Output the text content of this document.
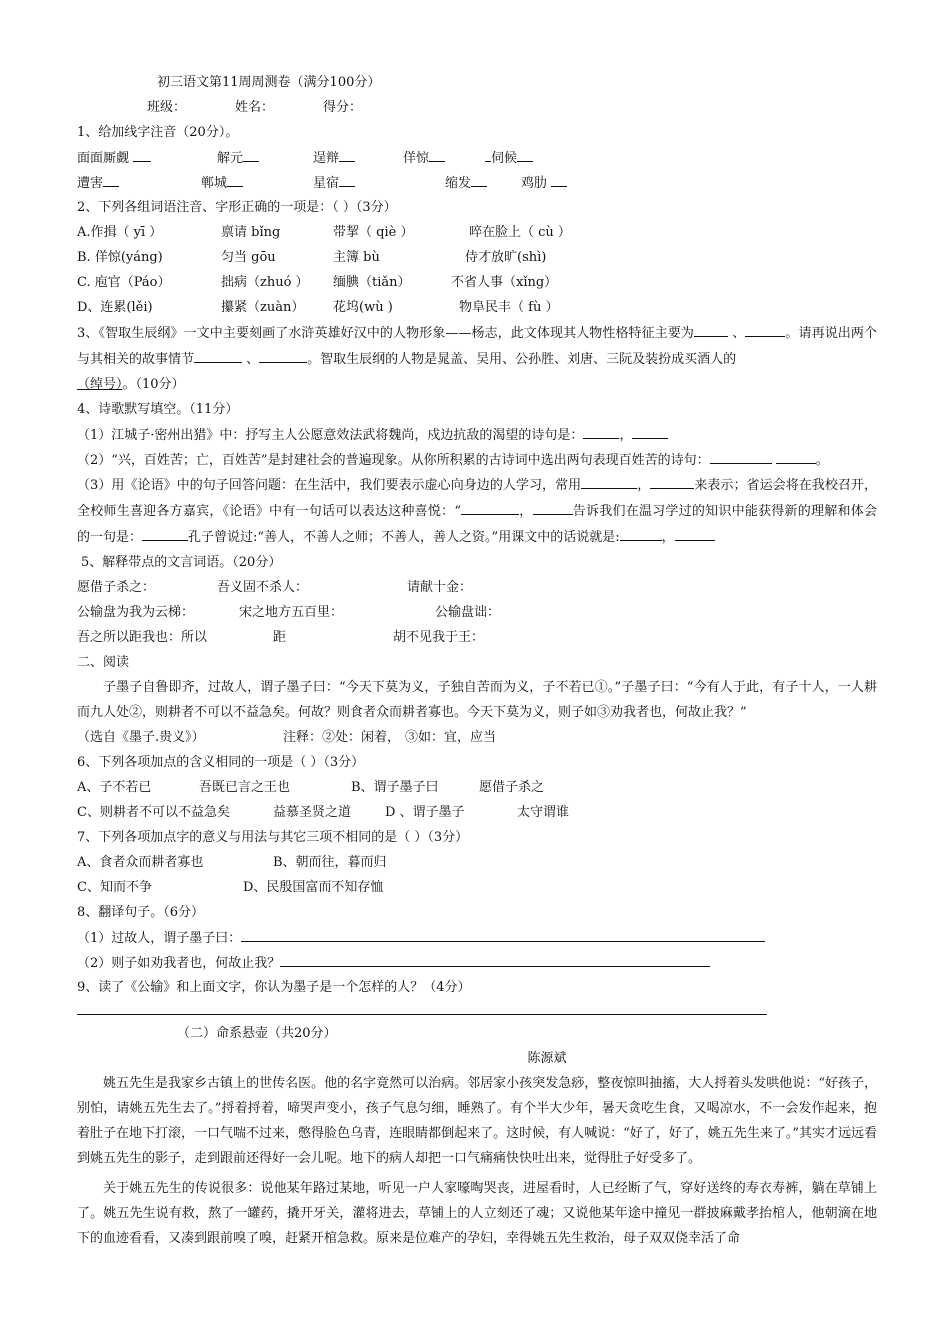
初三语文第11周周测卷（满分100分）
班级：	姓名：	得分：
1、给加线字注音（20分）。
面面厮觑	解元	逞辩	佯惊	伺候
遭害	郸城	星宿	缩发	鸡肋
2、下列各组词语注音、字形正确的一项是：（ ）（3分）
A.作揖（ yī ）	禀请 bǐng	带挈（ qiè ）	啐在脸上（ cù ）
B. 佯惊(yáng)	匀当 gōu	主簿 bù	侍才放旷(shì)
C. 庖官（Páo）	拙病（zhuó ） 缅腆（tiǎn）	不省人事（xǐng）
D、连累(lěi)	攥紧（zuàn） 花坞(wù )	物阜民丰（ fù ）
3、《智取生辰纲》一文中主要刻画了水浒英雄好汉中的人物形象——杨志，此文体现其人物性格特征主要为	、	。请再说出两个与其相关的故事情节	、	。智取生辰纲的人物是晁盖、吴用、公孙胜、刘唐、三阮及装扮成买酒人的
（绰号）。（10分）
4、诗歌默写填空。（11分）
（1）江城子·密州出猎》中：抒写主人公愿意效法武将魏尚，戍边抗敌的渴望的诗句是：	，
（2）“兴，百姓苦；亡，百姓苦”是封建社会的普遍现象。从你所积累的古诗词中选出两句表现百姓苦的诗句：	。
（3）用《论语》中的句子回答问题：在生活中，我们要表示虚心向身边的人学习，常用	，	来表示；省运会将在我校召开，全校师生喜迎各方嘉宾，《论语》中有一句话可以表达这种喜悦：“	，	告诉我们在温习学过的知识中能获得新的理解和体会的一句是：	孔子曾说过:“善人，不善人之师；不善人，善人之资。”用课文中的话说就是:	，
5、解释带点的文言词语。（20分）
愿借子杀之：	吾义固不杀人：	请献十金：
公输盘为我为云梯：	宋之地方五百里：	公输盘诎：
吾之所以距我也：所以	距	胡不见我于王：
二、阅读
子墨子自鲁即齐，过故人，谓子墨子曰：“今天下莫为义，子独自苦而为义，子不若已①。”子墨子曰：“今有人于此，有子十人，一人耕而九人处②，则耕者不可以不益急矣。何故？则食者众而耕者寡也。今天下莫为义，则子如③劝我者也，何故止我？”
（选自《墨子.贵义》）	注释：②处：闲着， ③如：宜，应当
6、下列各项加点的含义相同的一项是（ ）（3分）
A、子不若已	吾既已言之王也	B、谓子墨子曰	愿借子杀之
C、则耕者不可以不益急矣	益慕圣贤之道	D 、谓子墨子	太守谓谁
7、下列各项加点字的意义与用法与其它三项不相同的是（ ）（3分）
A、食者众而耕者寡也	B、朝而往，暮而归
C、知而不争	D、民殷国富而不知存恤
8、翻译句子。（6分）
（1）过故人，谓子墨子曰：
（2）则子如劝我者也，何故止我？
9、读了《公输》和上面文字，你认为墨子是一个怎样的人？（4分）
（二）命系悬壶（共20分）
陈源斌
姚五先生是我家乡古镇上的世传名医。他的名字竟然可以治病。邻居家小孩突发急痧，整夜惊叫抽搐，大人捋着头发哄他说：“好孩子，别怕，请姚五先生去了。”捋着捋着，啼哭声变小，孩子气息匀细，睡熟了。有个半大少年，暑天贪吃生食，又喝凉水，不一会发作起来，抱着肚子在地下打滚，一口气喘不过来，憋得脸色乌青，连眼睛都倒起来了。这时候，有人喊说：“好了，好了，姚五先生来了。”其实才远远看到姚五先生的影子，走到跟前还得好一会儿呢。地下的病人却把一口气痛痛快快吐出来，觉得肚子好受多了。
关于姚五先生的传说很多：说他某年路过某地，听见一户人家嚎啕哭丧，进屋看时，人已经断了气，穿好送终的寿衣寿裤，躺在草铺上了。姚五先生说有救，熬了一罐药，撬开牙关，灌将进去，草铺上的人立刻还了魂；又说他某年途中撞见一群披麻戴孝抬棺人，他朝滴在地下的血迹看看，又凑到跟前嗅了嗅，赶紧开棺急救。原来是位难产的孕妇，幸得姚五先生救治，母子双双侥幸活了命
